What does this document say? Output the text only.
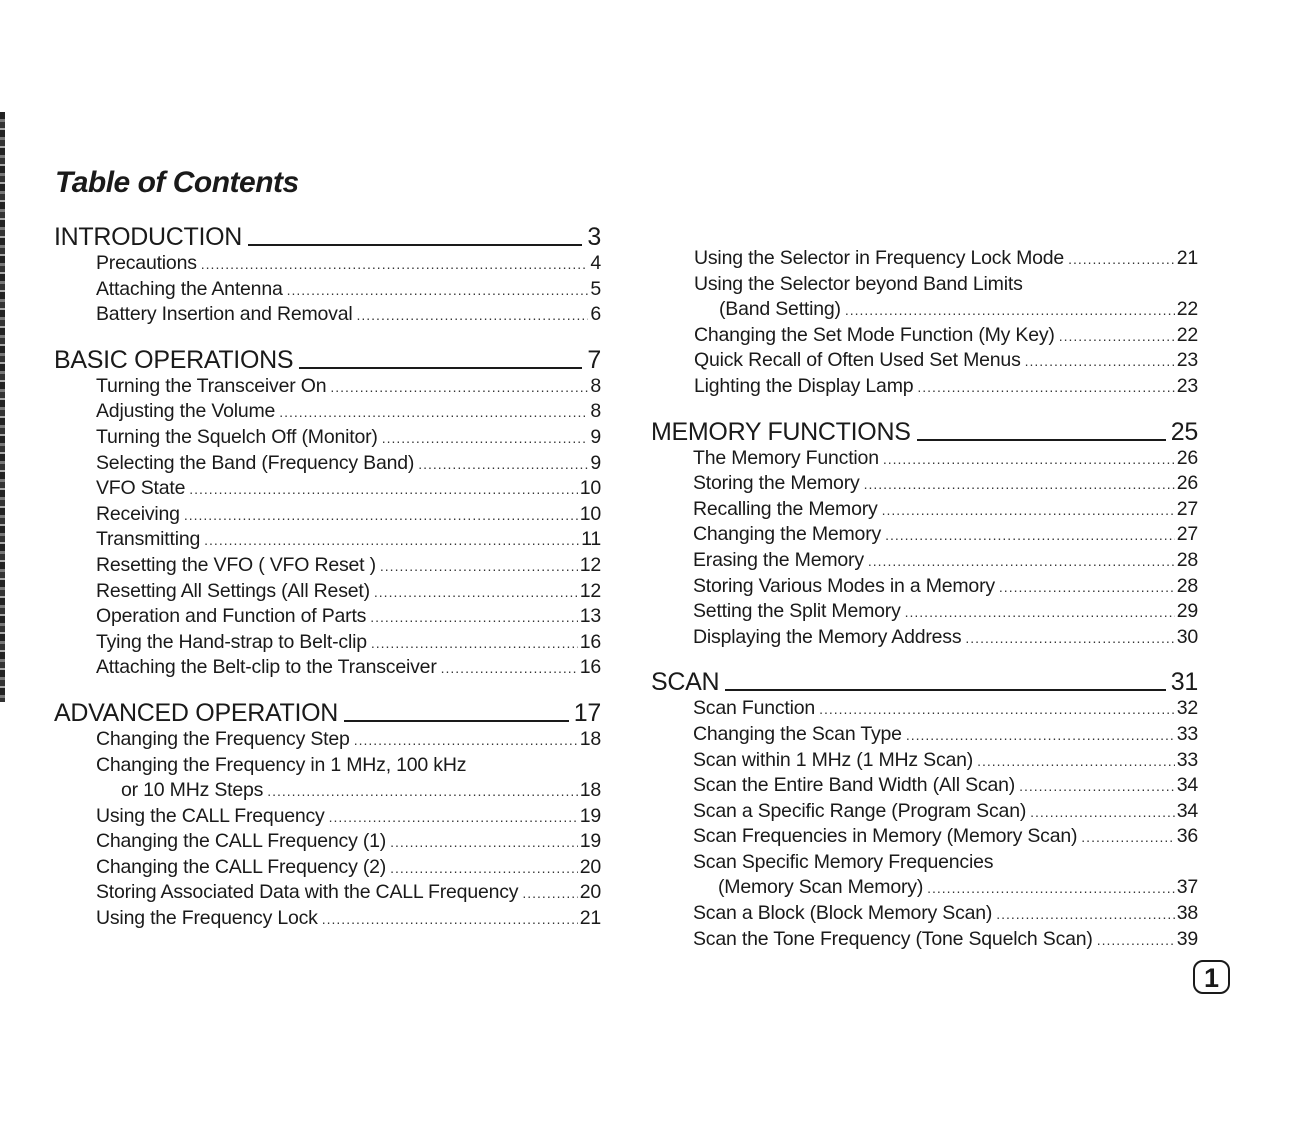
Table of Contents
INTRODUCTION	3
Precautions .....	4
Attaching the Antenna .....	5
Battery Insertion and Removal .....	6
BASIC OPERATIONS	7
Turning the Transceiver On .....	8
Adjusting the Volume .....	8
Turning the Squelch Off (Monitor) .....	9
Selecting the Band (Frequency Band) .....	9
VFO State .....	10
Receiving .....	10
Transmitting .....	11
Resetting the VFO ( VFO Reset ) .....	12
Resetting All Settings (All Reset) .....	12
Operation and Function of Parts .....	13
Tying the Hand-strap to Belt-clip .....	16
Attaching the Belt-clip to the Transceiver .....	16
ADVANCED OPERATION	17
Changing the Frequency Step .....	18
Changing the Frequency in 1 MHz, 100 kHz
or 10 MHz Steps .....	18
Using the CALL Frequency .....	19
Changing the CALL Frequency (1) .....	19
Changing the CALL Frequency (2) .....	20
Storing Associated Data with the CALL Frequency .....	20
Using the Frequency Lock .....	21
Using the Selector in Frequency Lock Mode .....	21
Using the Selector beyond Band Limits
(Band Setting) .....	22
Changing the Set Mode Function (My Key) .....	22
Quick Recall of Often Used Set Menus .....	23
Lighting the Display Lamp .....	23
MEMORY FUNCTIONS	25
The Memory Function .....	26
Storing the Memory .....	26
Recalling the Memory .....	27
Changing the Memory .....	27
Erasing the Memory .....	28
Storing Various Modes in a Memory .....	28
Setting the Split Memory .....	29
Displaying the Memory Address .....	30
SCAN	31
Scan Function .....	32
Changing the Scan Type .....	33
Scan within 1 MHz (1 MHz Scan) .....	33
Scan the Entire Band Width (All Scan) .....	34
Scan a Specific Range (Program Scan) .....	34
Scan Frequencies in Memory (Memory Scan) .....	36
Scan Specific Memory Frequencies
(Memory Scan Memory) .....	37
Scan a Block (Block Memory Scan) .....	38
Scan the Tone Frequency (Tone Squelch Scan) .....	39
1
